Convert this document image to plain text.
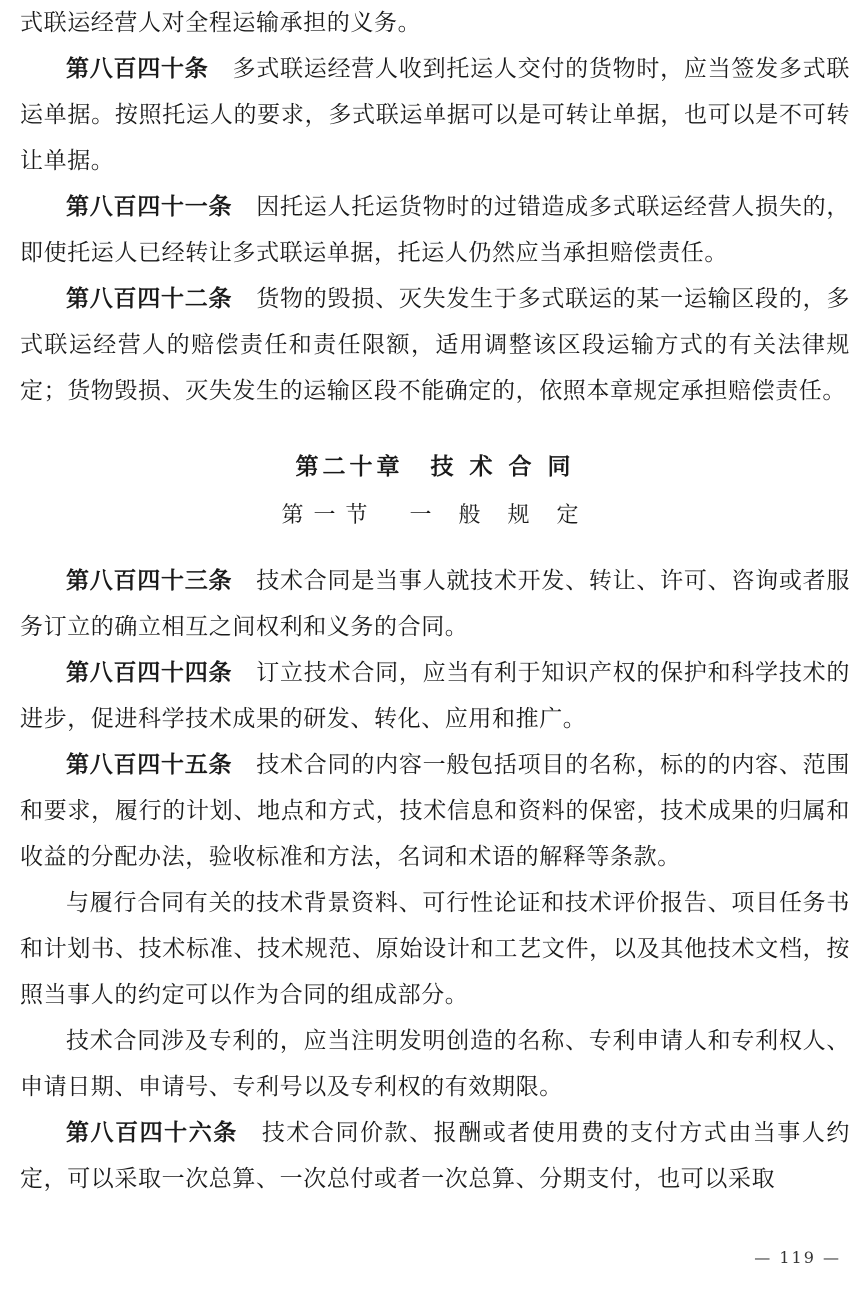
式联运经营人对全程运输承担的义务。

第八百四十条 多式联运经营人收到托运人交付的货物时，应当签发多式联运单据。按照托运人的要求，多式联运单据可以是可转让单据，也可以是不可转让单据。

第八百四十一条 因托运人托运货物时的过错造成多式联运经营人损失的，即使托运人已经转让多式联运单据，托运人仍然应当承担赔偿责任。

第八百四十二条 货物的毁损、灭失发生于多式联运的某一运输区段的，多式联运经营人的赔偿责任和责任限额，适用调整该区段运输方式的有关法律规定；货物毁损、灭失发生的运输区段不能确定的，依照本章规定承担赔偿责任。

第二十章　技 术 合 同
第一节　一 般 规 定

第八百四十三条 技术合同是当事人就技术开发、转让、许可、咨询或者服务订立的确立相互之间权利和义务的合同。

第八百四十四条 订立技术合同，应当有利于知识产权的保护和科学技术的进步，促进科学技术成果的研发、转化、应用和推广。

第八百四十五条 技术合同的内容一般包括项目的名称，标的的内容、范围和要求，履行的计划、地点和方式，技术信息和资料的保密，技术成果的归属和收益的分配办法，验收标准和方法，名词和术语的解释等条款。

与履行合同有关的技术背景资料、可行性论证和技术评价报告、项目任务书和计划书、技术标准、技术规范、原始设计和工艺文件，以及其他技术文档，按照当事人的约定可以作为合同的组成部分。

技术合同涉及专利的，应当注明发明创造的名称、专利申请人和专利权人、申请日期、申请号、专利号以及专利权的有效期限。

第八百四十六条 技术合同价款、报酬或者使用费的支付方式由当事人约定，可以采取一次总算、一次总付或者一次总算、分期支付，也可以采取

— 119 —
